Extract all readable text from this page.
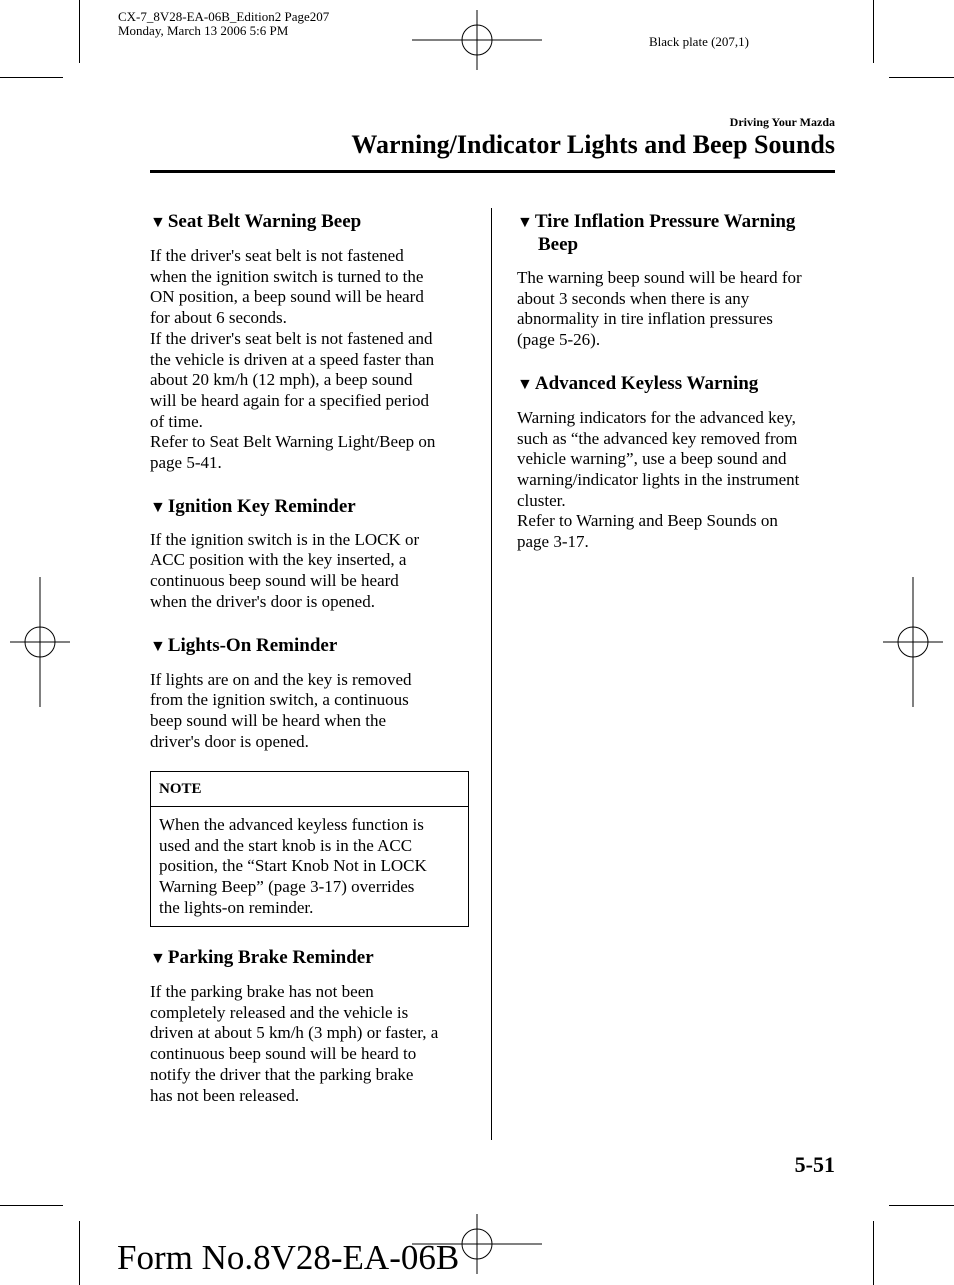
CX-7_8V28-EA-06B_Edition2 Page207
Monday, March 13 2006 5:6 PM
Black plate (207,1)
Driving Your Mazda
Warning/Indicator Lights and Beep Sounds

▼ Seat Belt Warning Beep

If the driver's seat belt is not fastened

when the ignition switch is turned to the

ON position, a beep sound will be heard

for about 6 seconds.

If the driver's seat belt is not fastened and

the vehicle is driven at a speed faster than

about 20 km/h (12 mph), a beep sound

will be heard again for a specified period

of time.

Refer to Seat Belt Warning Light/Beep on

page 5-41.

▼ Ignition Key Reminder

If the ignition switch is in the LOCK or

ACC position with the key inserted, a

continuous beep sound will be heard

when the driver's door is opened.

▼ Lights-On Reminder

If lights are on and the key is removed

from the ignition switch, a continuous

beep sound will be heard when the

driver's door is opened.

NOTE

When the advanced keyless function is

used and the start knob is in the ACC

position, the “Start Knob Not in LOCK

Warning Beep” (page 3-17) overrides

the lights-on reminder.

▼ Parking Brake Reminder

If the parking brake has not been

completely released and the vehicle is

driven at about 5 km/h (3 mph) or faster, a

continuous beep sound will be heard to

notify the driver that the parking brake

has not been released.

▼ Tire Inflation Pressure Warning

Beep

The warning beep sound will be heard for

about 3 seconds when there is any

abnormality in tire inflation pressures

(page 5-26).

▼ Advanced Keyless Warning

Warning indicators for the advanced key,

such as “the advanced key removed from

vehicle warning”, use a beep sound and

warning/indicator lights in the instrument

cluster.

Refer to Warning and Beep Sounds on

page 3-17.

5-51
Form No.8V28-EA-06B
